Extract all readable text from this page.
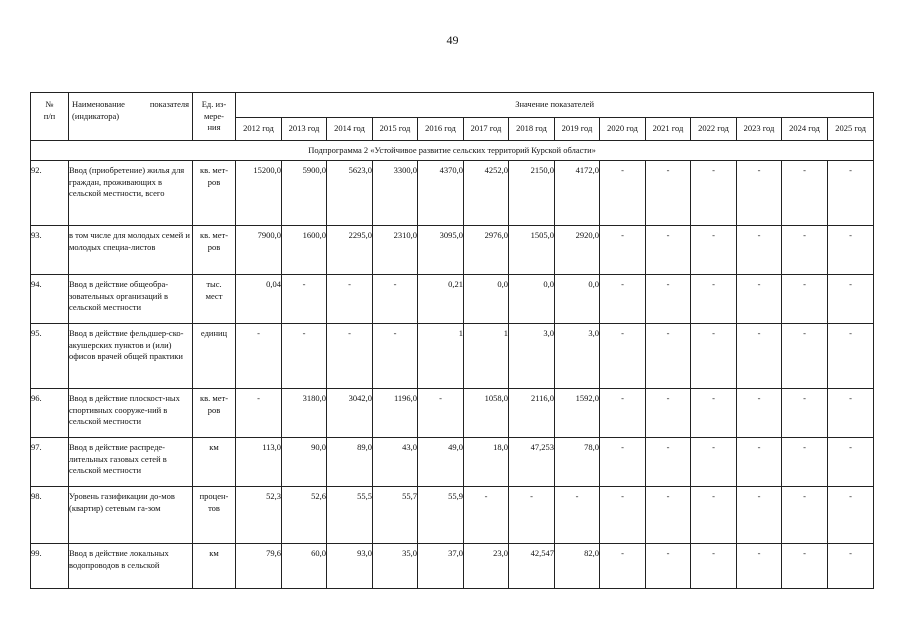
49
№
п/п	Наименование показателя (индикатора)	Ед. из-
мере-
ния	Значение показателей													
			2012 год	2013 год	2014 год	2015 год	2016 год	2017 год	2018 год	2019 год	2020 год	2021 год	2022 год	2023 год	2024 год	2025 год
Подпрограмма 2 «Устойчивое развитие сельских территорий Курской области»																
92.	Ввод (приобретение) жилья для граждан, проживающих в сельской местности, всего	кв. мет-
ров	15200,0	5900,0	5623,0	3300,0	4370,0	4252,0	2150,0	4172,0	-	-	-	-	-	-
93.	в том числе для молодых семей и молодых специа-листов	кв. мет-
ров	7900,0	1600,0	2295,0	2310,0	3095,0	2976,0	1505,0	2920,0	-	-	-	-	-	-
94.	Ввод в действие общеобра-зовательных организаций в сельской местности	тыс.
мест	0,04	-	-	-	0,21	0,0	0,0	0,0	-	-	-	-	-	-
95.	Ввод в действие фельдшер-ско-акушерских пунктов и (или) офисов врачей общей практики	единиц	-	-	-	-	1	1	3,0	3,0	-	-	-	-	-	-
96.	Ввод в действие плоскост-ных спортивных сооруже-ний в сельской местности	кв. мет-
ров	-	3180,0	3042,0	1196,0	-	1058,0	2116,0	1592,0	-	-	-	-	-	-
97.	Ввод в действие распреде-лительных газовых сетей в сельской местности	км	113,0	90,0	89,0	43,0	49,0	18,0	47,253	78,0	-	-	-	-	-	-
98.	Уровень газификации до-мов (квартир) сетевым га-зом	процен-
тов	52,3	52,6	55,5	55,7	55,9	-	-	-	-	-	-	-	-	-
99.	Ввод в действие локальных водопроводов в сельской	км	79,6	60,0	93,0	35,0	37,0	23,0	42,547	82,0	-	-	-	-	-	-
